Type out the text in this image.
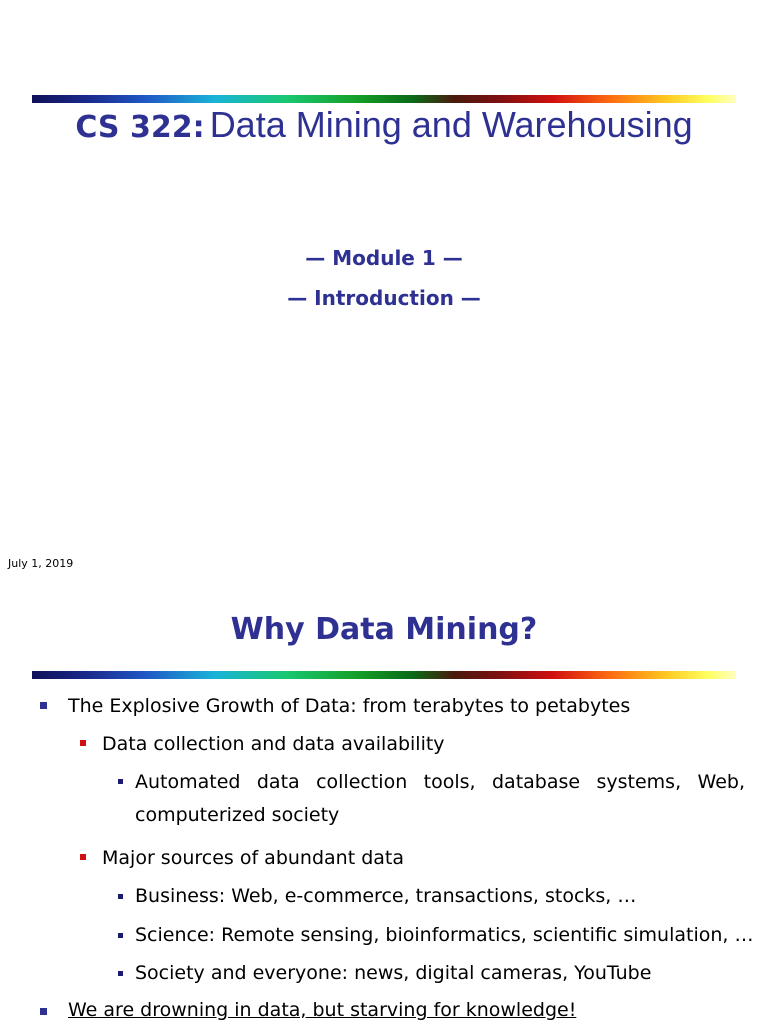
CS 322: Data Mining and Warehousing
— Module 1 —
— Introduction —
July 1, 2019
Why Data Mining?
The Explosive Growth of Data: from terabytes to petabytes
Data collection and data availability
Automated data collection tools, database systems, Web, computerized society
Major sources of abundant data
Business: Web, e-commerce, transactions, stocks, …
Science: Remote sensing, bioinformatics, scientific simulation, …
Society and everyone: news, digital cameras, YouTube
We are drowning in data, but starving for knowledge!
